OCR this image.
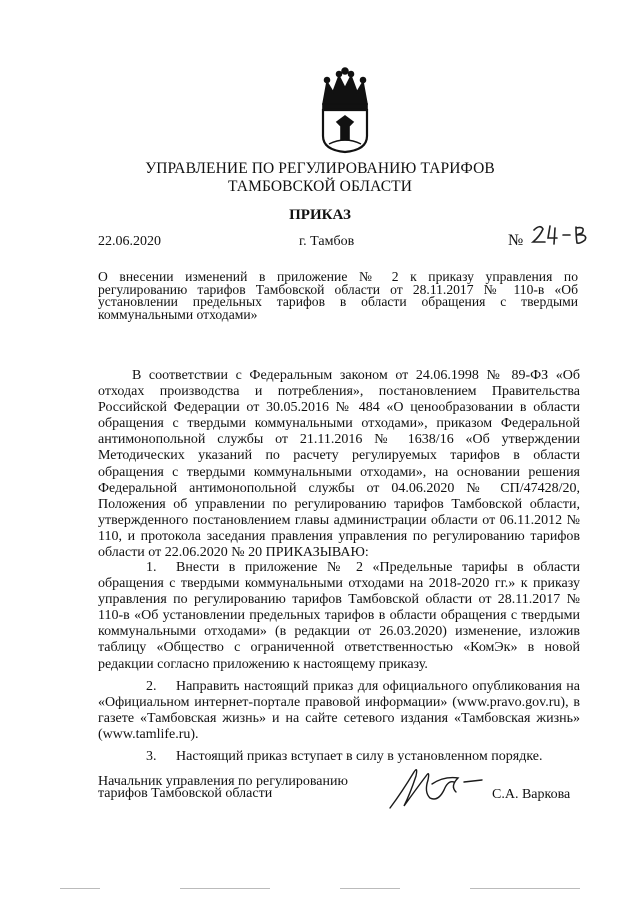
УПРАВЛЕНИЕ ПО РЕГУЛИРОВАНИЮ ТАРИФОВ
ТАМБОВСКОЙ ОБЛАСТИ
ПРИКАЗ
22.06.2020	г. Тамбов	№
О внесении изменений в приложение № 2 к приказу управления по регулированию тарифов Тамбовской области от 28.11.2017 № 110-в «Об установлении предельных тарифов в области обращения с твердыми коммунальными отходами»

В соответствии с Федеральным законом от 24.06.1998 № 89-ФЗ «Об отходах производства и потребления», постановлением Правительства Российской Федерации от 30.05.2016 № 484 «О ценообразовании в области обращения с твердыми коммунальными отходами», приказом Федеральной антимонопольной службы от 21.11.2016 № 1638/16 «Об утверждении Методических указаний по расчету регулируемых тарифов в области обращения с твердыми коммунальными отходами», на основании решения Федеральной антимонопольной службы от 04.06.2020 № СП/47428/20, Положения об управлении по регулированию тарифов Тамбовской области, утвержденного постановлением главы администрации области от 06.11.2012 № 110, и протокола заседания правления управления по регулированию тарифов области от 22.06.2020 № 20 ПРИКАЗЫВАЮ:

1. Внести в приложение № 2 «Предельные тарифы в области обращения с твердыми коммунальными отходами на 2018-2020 гг.» к приказу управления по регулированию тарифов Тамбовской области от 28.11.2017 № 110-в «Об установлении предельных тарифов в области обращения с твердыми коммунальными отходами» (в редакции от 26.03.2020) изменение, изложив таблицу «Общество с ограниченной ответственностью «КомЭк» в новой редакции согласно приложению к настоящему приказу.

2. Направить настоящий приказ для официального опубликования на «Официальном интернет-портале правовой информации» (www.pravo.gov.ru), в газете «Тамбовская жизнь» и на сайте сетевого издания «Тамбовская жизнь» (www.tamlife.ru).

3. Настоящий приказ вступает в силу в установленном порядке.

Начальник управления по регулированию
тарифов Тамбовской области	С.А. Варкова
